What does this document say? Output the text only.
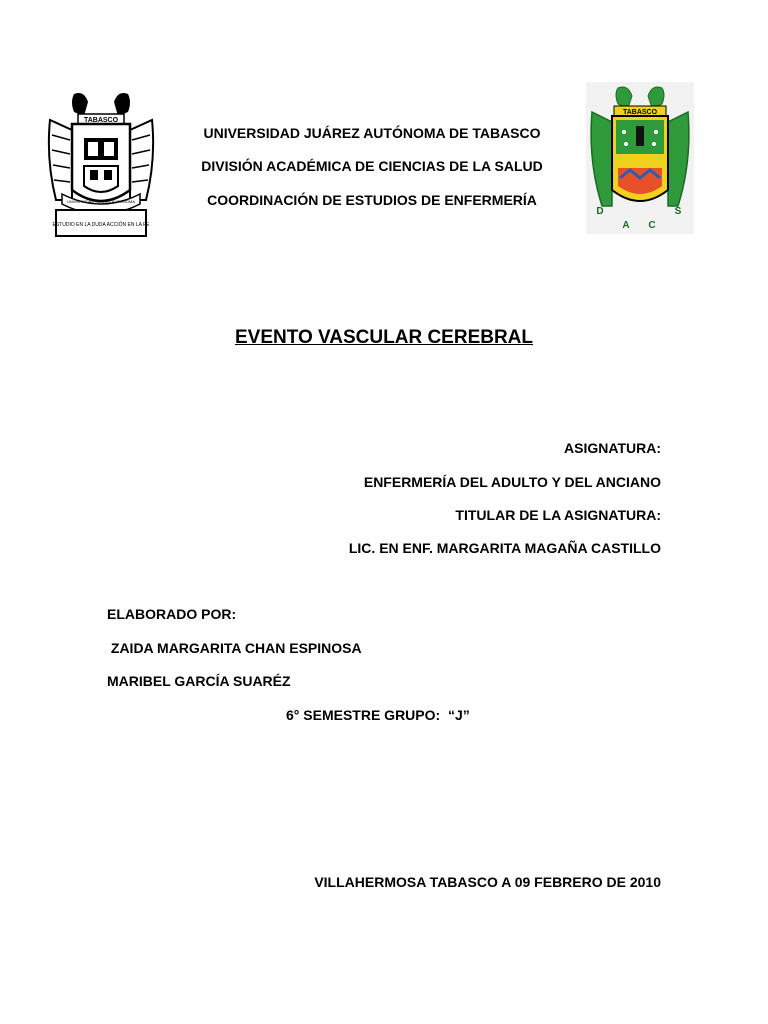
TABASCO
ESTUDIO EN LA DUDA ACCIÓN EN LA FE
UNIVERSIDAD JUÁREZ AUTÓNOMA
TABASCO
D
A C
S
UNIVERSIDAD JUÁREZ AUTÓNOMA DE TABASCO
DIVISIÓN ACADÉMICA DE CIENCIAS DE LA SALUD
COORDINACIÓN DE ESTUDIOS DE ENFERMERÍA
EVENTO VASCULAR CEREBRAL
ASIGNATURA:
ENFERMERÍA DEL ADULTO Y DEL ANCIANO
TITULAR DE LA ASIGNATURA:
LIC. EN ENF. MARGARITA MAGAÑA CASTILLO
ELABORADO POR:
ZAIDA MARGARITA CHAN ESPINOSA
MARIBEL GARCÍA SUARÉZ
6° SEMESTRE GRUPO:  “J”
VILLAHERMOSA TABASCO A 09 FEBRERO DE 2010
